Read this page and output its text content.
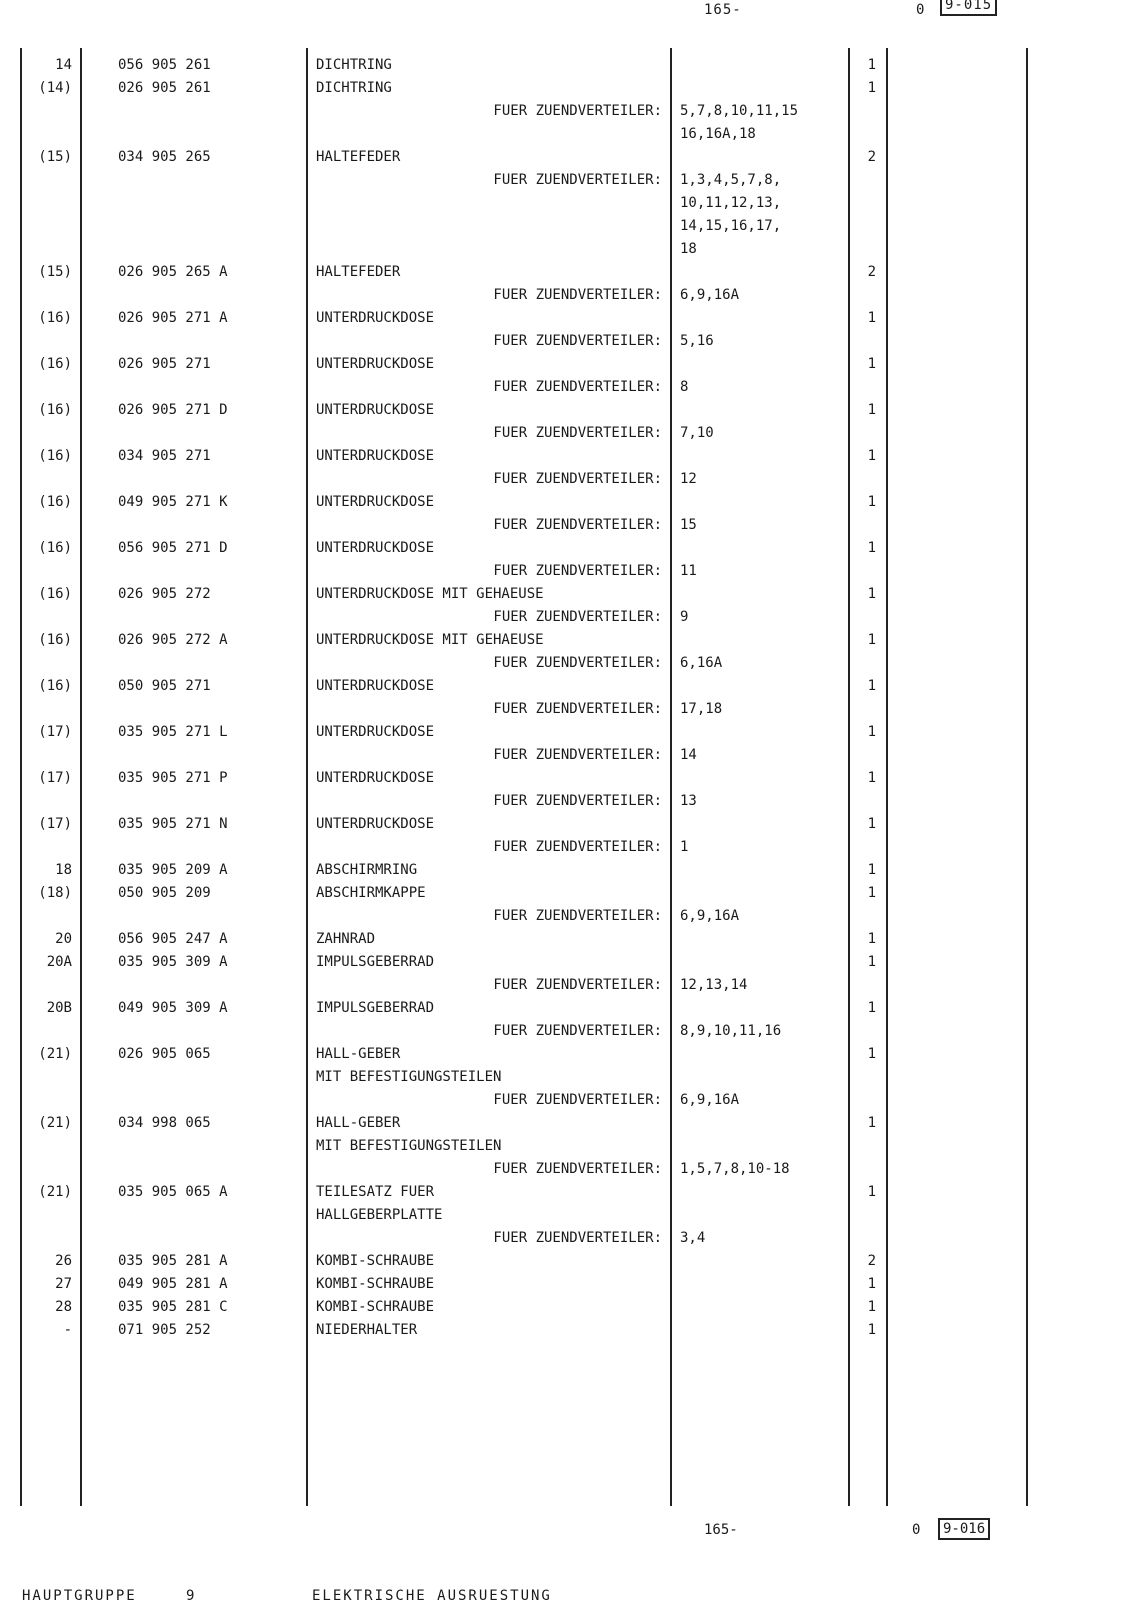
165-	0	9-015
14	056 905 261	DICHTRING	1
(14)	026 905 261	DICHTRING	1
FUER ZUENDVERTEILER: 5,7,8,10,11,15
16,16A,18
(15)	034 905 265	HALTEFEDER	2
FUER ZUENDVERTEILER: 1,3,4,5,7,8,
10,11,12,13,
14,15,16,17,
18
(15)	026 905 265 A	HALTEFEDER	2
FUER ZUENDVERTEILER: 6,9,16A
(16)	026 905 271 A	UNTERDRUCKDOSE	1
FUER ZUENDVERTEILER: 5,16
(16)	026 905 271	UNTERDRUCKDOSE	1
FUER ZUENDVERTEILER: 8
(16)	026 905 271 D	UNTERDRUCKDOSE	1
FUER ZUENDVERTEILER: 7,10
(16)	034 905 271	UNTERDRUCKDOSE	1
FUER ZUENDVERTEILER: 12
(16)	049 905 271 K	UNTERDRUCKDOSE	1
FUER ZUENDVERTEILER: 15
(16)	056 905 271 D	UNTERDRUCKDOSE	1
FUER ZUENDVERTEILER: 11
(16)	026 905 272	UNTERDRUCKDOSE MIT GEHAEUSE	1
FUER ZUENDVERTEILER: 9
(16)	026 905 272 A	UNTERDRUCKDOSE MIT GEHAEUSE	1
FUER ZUENDVERTEILER: 6,16A
(16)	050 905 271	UNTERDRUCKDOSE	1
FUER ZUENDVERTEILER: 17,18
(17)	035 905 271 L	UNTERDRUCKDOSE	1
FUER ZUENDVERTEILER: 14
(17)	035 905 271 P	UNTERDRUCKDOSE	1
FUER ZUENDVERTEILER: 13
(17)	035 905 271 N	UNTERDRUCKDOSE	1
FUER ZUENDVERTEILER: 1
18	035 905 209 A	ABSCHIRMRING	1
(18)	050 905 209	ABSCHIRMKAPPE	1
FUER ZUENDVERTEILER: 6,9,16A
20	056 905 247 A	ZAHNRAD	1
20A	035 905 309 A	IMPULSGEBERRAD	1
FUER ZUENDVERTEILER: 12,13,14
20B	049 905 309 A	IMPULSGEBERRAD	1
FUER ZUENDVERTEILER: 8,9,10,11,16
(21)	026 905 065	HALL-GEBER	1
MIT BEFESTIGUNGSTEILEN
FUER ZUENDVERTEILER: 6,9,16A
(21)	034 998 065	HALL-GEBER	1
MIT BEFESTIGUNGSTEILEN
FUER ZUENDVERTEILER: 1,5,7,8,10-18
(21)	035 905 065 A	TEILESATZ FUER	1
HALLGEBERPLATTE
FUER ZUENDVERTEILER: 3,4
26	035 905 281 A	KOMBI-SCHRAUBE	2
27	049 905 281 A	KOMBI-SCHRAUBE	1
28	035 905 281 C	KOMBI-SCHRAUBE	1
-	071 905 252	NIEDERHALTER	1
165-	0	9-016
HAUPTGRUPPE	9	ELEKTRISCHE AUSRUESTUNG
